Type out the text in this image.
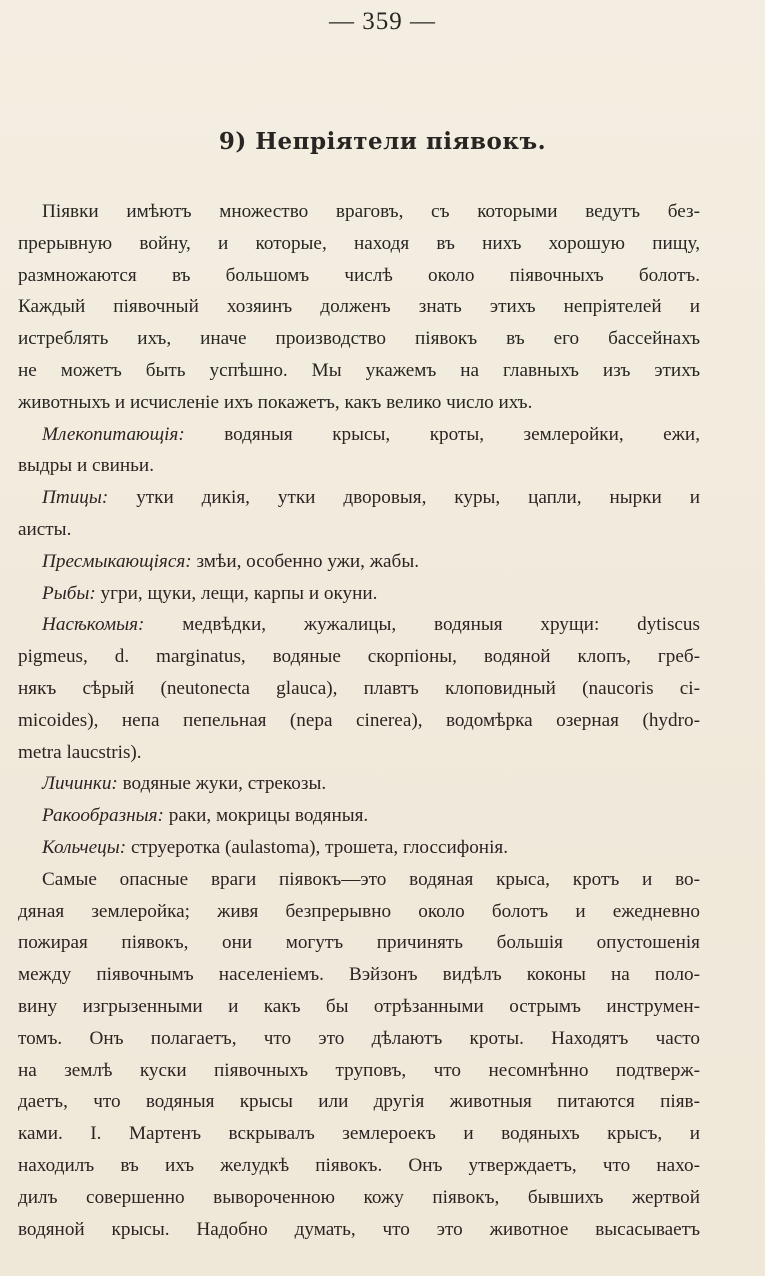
— 359 —
9) Непріятели піявокъ.
Піявки имѣютъ множество враговъ, съ которыми ведутъ без-
прерывную войну, и которые, находя въ нихъ хорошую пищу,
размножаются въ большомъ числѣ около піявочныхъ болотъ.
Каждый піявочный хозяинъ долженъ знать этихъ непріятелей и
истреблять ихъ, иначе производство піявокъ въ его бассейнахъ
не можетъ быть успѣшно. Мы укажемъ на главныхъ изъ этихъ
животныхъ и исчисленіе ихъ покажетъ, какъ велико число ихъ.
Млекопитающія: водяныя крысы, кроты, землеройки, ежи,
выдры и свиньи.
Птицы: утки дикія, утки дворовыя, куры, цапли, нырки и
аисты.
Пресмыкающіяся: змѣи, особенно ужи, жабы.
Рыбы: угри, щуки, лещи, карпы и окуни.
Насѣкомыя: медвѣдки, жужалицы, водяныя хрущи: dytiscus
pigmeus, d. marginatus, водяные скорпіоны, водяной клопъ, греб-
някъ сѣрый (neutonecta glauca), плавтъ клоповидный (naucoris ci-
micoides), непа пепельная (nepa cinerea), водомѣрка озерная (hydro-
metra laucstris).
Личинки: водяные жуки, стрекозы.
Ракообразныя: раки, мокрицы водяныя.
Кольчецы: струеротка (aulastoma), трошета, глоссифонія.
Самые опасные враги піявокъ—это водяная крыса, кротъ и во-
дяная землеройка; живя безпрерывно около болотъ и ежедневно
пожирая піявокъ, они могутъ причинять большія опустошенія
между піявочнымъ населеніемъ. Вэйзонъ видѣлъ коконы на поло-
вину изгрызенными и какъ бы отрѣзанными острымъ инструмен-
томъ. Онъ полагаетъ, что это дѣлаютъ кроты. Находятъ часто
на землѣ куски піявочныхъ труповъ, что несомнѣнно подтверж-
даетъ, что водяныя крысы или другія животныя питаются піяв-
ками. І. Мартенъ вскрывалъ землероекъ и водяныхъ крысъ, и
находилъ въ ихъ желудкѣ піявокъ. Онъ утверждаетъ, что нахо-
дилъ совершенно вывороченною кожу піявокъ, бывшихъ жертвой
водяной крысы. Надобно думать, что это животное высасываетъ
